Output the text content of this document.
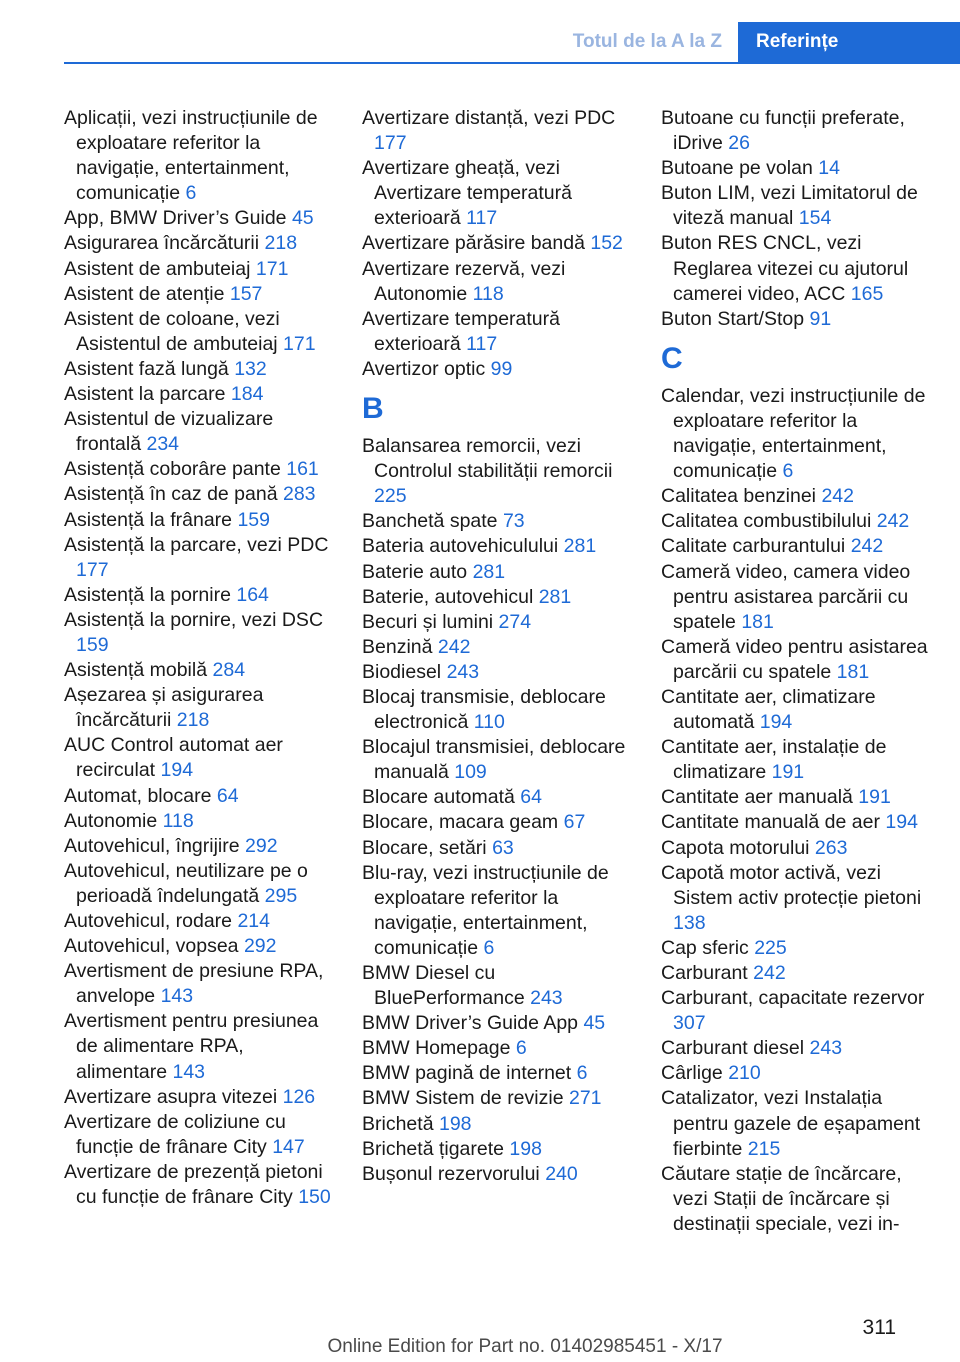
Totul de la A la Z	Referințe
Aplicații, vezi instrucțiunile de exploatare referitor la navigație, entertainment, comunicație 6
App, BMW Driver’s Guide 45
Asigurarea încărcăturii 218
Asistent de ambuteiaj 171
Asistent de atenție 157
Asistent de coloane, vezi Asistentul de ambuteiaj 171
Asistent fază lungă 132
Asistent la parcare 184
Asistentul de vizualizare frontală 234
Asistență coborâre pante 161
Asistență în caz de pană 283
Asistență la frânare 159
Asistență la parcare, vezi PDC 177
Asistență la pornire 164
Asistență la pornire, vezi DSC 159
Asistență mobilă 284
Așezarea și asigurarea încărcăturii 218
AUC Control automat aer recirculat 194
Automat, blocare 64
Autonomie 118
Autovehicul, îngrijire 292
Autovehicul, neutilizare pe o perioadă îndelungată 295
Autovehicul, rodare 214
Autovehicul, vopsea 292
Avertisment de presiune RPA, anvelope 143
Avertisment pentru presiunea de alimentare RPA, alimentare 143
Avertizare asupra vitezei 126
Avertizare de coliziune cu funcție de frânare City 147
Avertizare de prezență pietoni cu funcție de frânare City 150
Avertizare distanță, vezi PDC 177
Avertizare gheață, vezi Avertizare temperatură exterioară 117
Avertizare părăsire bandă 152
Avertizare rezervă, vezi Autonomie 118
Avertizare temperatură exterioară 117
Avertizor optic 99
B
Balansarea remorcii, vezi Controlul stabilității remorcii 225
Banchetă spate 73
Bateria autovehiculului 281
Baterie auto 281
Baterie, autovehicul 281
Becuri și lumini 274
Benzină 242
Biodiesel 243
Blocaj transmisie, deblocare electronică 110
Blocajul transmisiei, deblocare manuală 109
Blocare automată 64
Blocare, macara geam 67
Blocare, setări 63
Blu-ray, vezi instrucțiunile de exploatare referitor la navigație, entertainment, comunicație 6
BMW Diesel cu BluePerformance 243
BMW Driver’s Guide App 45
BMW Homepage 6
BMW pagină de internet 6
BMW Sistem de revizie 271
Brichetă 198
Brichetă țigarete 198
Bușonul rezervorului 240
Butoane cu funcții preferate, iDrive 26
Butoane pe volan 14
Buton LIM, vezi Limitatorul de viteză manual 154
Buton RES CNCL, vezi Reglarea vitezei cu ajutorul camerei video, ACC 165
Buton Start/Stop 91
C
Calendar, vezi instrucțiunile de exploatare referitor la navigație, entertainment, comunicație 6
Calitatea benzinei 242
Calitatea combustibilului 242
Calitate carburantului 242
Cameră video, camera video pentru asistarea parcării cu spatele 181
Cameră video pentru asistarea parcării cu spatele 181
Cantitate aer, climatizare automată 194
Cantitate aer, instalație de climatizare 191
Cantitate aer manuală 191
Cantitate manuală de aer 194
Capota motorului 263
Capotă motor activă, vezi Sistem activ protecție pietoni 138
Cap sferic 225
Carburant 242
Carburant, capacitate rezervor 307
Carburant diesel 243
Cârlige 210
Catalizator, vezi Instalația pentru gazele de eșapament fierbinte 215
Căutare stație de încărcare, vezi Stații de încărcare și destinații speciale, vezi in-
311
Online Edition for Part no. 01402985451 - X/17
